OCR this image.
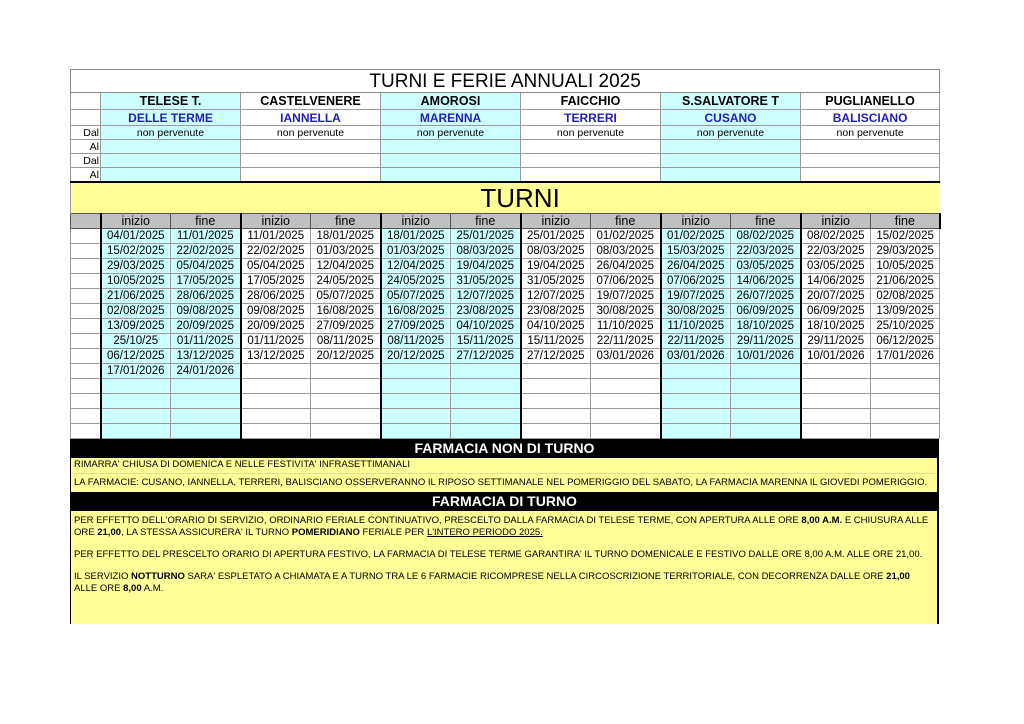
TURNI E FERIE ANNUALI 2025												
	TELESE T.		CASTELVENERE		AMOROSI		FAICCHIO		S.SALVATORE T		PUGLIANELLO	
	DELLE TERME		IANNELLA		MARENNA		TERRERI		CUSANO		BALISCIANO	
Dal	non pervenute		non pervenute		non pervenute		non pervenute		non pervenute		non pervenute	
Al												
Dal												
Al												
	TURNI											
	inizio	fine	inizio	fine	inizio	fine	inizio	fine	inizio	fine	inizio	fine
	04/01/2025	11/01/2025	11/01/2025	18/01/2025	18/01/2025	25/01/2025	25/01/2025	01/02/2025	01/02/2025	08/02/2025	08/02/2025	15/02/2025
	15/02/2025	22/02/2025	22/02/2025	01/03/2025	01/03/2025	08/03/2025	08/03/2025	08/03/2025	15/03/2025	22/03/2025	22/03/2025	29/03/2025
	29/03/2025	05/04/2025	05/04/2025	12/04/2025	12/04/2025	19/04/2025	19/04/2025	26/04/2025	26/04/2025	03/05/2025	03/05/2025	10/05/2025
	10/05/2025	17/05/2025	17/05/2025	24/05/2025	24/05/2025	31/05/2025	31/05/2025	07/06/2025	07/06/2025	14/06/2025	14/06/2025	21/06/2025
	21/06/2025	28/06/2025	28/06/2025	05/07/2025	05/07/2025	12/07/2025	12/07/2025	19/07/2025	19/07/2025	26/07/2025	20/07/2025	02/08/2025
	02/08/2025	09/08/2025	09/08/2025	16/08/2025	16/08/2025	23/08/2025	23/08/2025	30/08/2025	30/08/2025	06/09/2025	06/09/2025	13/09/2025
	13/09/2025	20/09/2025	20/09/2025	27/09/2025	27/09/2025	04/10/2025	04/10/2025	11/10/2025	11/10/2025	18/10/2025	18/10/2025	25/10/2025
	25/10/25	01/11/2025	01/11/2025	08/11/2025	08/11/2025	15/11/2025	15/11/2025	22/11/2025	22/11/2025	29/11/2025	29/11/2025	06/12/2025
	06/12/2025	13/12/2025	13/12/2025	20/12/2025	20/12/2025	27/12/2025	27/12/2025	03/01/2026	03/01/2026	10/01/2026	10/01/2026	17/01/2026
	17/01/2026	24/01/2026										

FARMACIA NON DI TURNO

RIMARRA' CHIUSA DI DOMENICA E NELLE FESTIVITA' INFRASETTIMANALI

LA FARMACIE: CUSANO, IANNELLA, TERRERI, BALISCIANO OSSERVERANNO IL RIPOSO SETTIMANALE NEL POMERIGGIO DEL SABATO, LA FARMACIA MARENNA IL GIOVEDI POMERIGGIO.

FARMACIA DI TURNO

PER EFFETTO DELL'ORARIO DI SERVIZIO, ORDINARIO FERIALE CONTINUATIVO, PRESCELTO DALLA FARMACIA DI TELESE TERME, CON APERTURA ALLE ORE 8,00 A.M. E CHIUSURA ALLE ORE 21,00, LA STESSA ASSICURERA' IL TURNO POMERIDIANO FERIALE PER L'INTERO PERIODO 2025.

PER EFFETTO DEL PRESCELTO ORARIO DI APERTURA FESTIVO, LA FARMACIA DI TELESE TERME GARANTIRA' IL TURNO DOMENICALE E FESTIVO DALLE ORE 8,00 A.M. ALLE ORE 21,00.

IL SERVIZIO NOTTURNO SARA' ESPLETATO A CHIAMATA E A TURNO TRA LE 6 FARMACIE RICOMPRESE NELLA CIRCOSCRIZIONE TERRITORIALE, CON DECORRENZA DALLE ORE 21,00 ALLE ORE 8,00 A.M.
